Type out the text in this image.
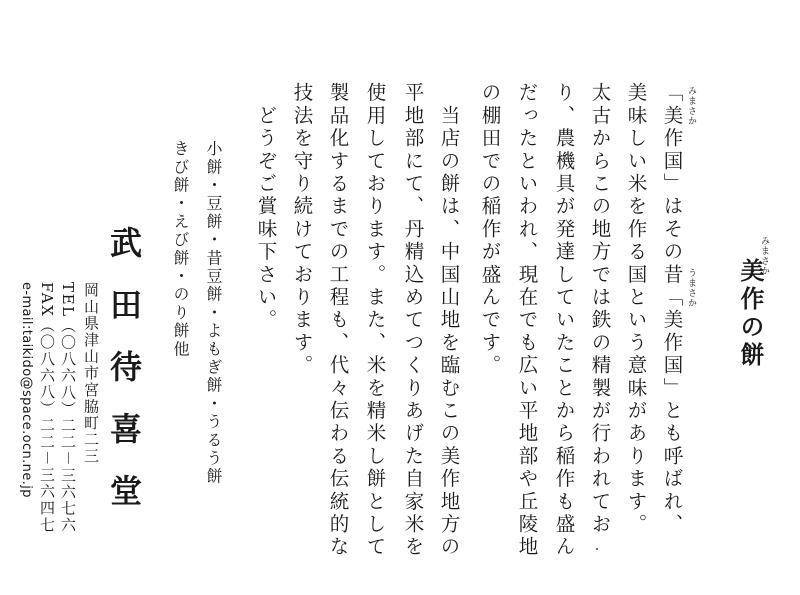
みまさか
美作の餅
みまさか
うまさか
「美作国」はその昔「美作国」とも呼ばれ、
美味しい米を作る国という意味があります。
太古からこの地方では鉄の精製が行われてお
り、農機具が発達していたことから稲作も盛ん
だったといわれ、現在でも広い平地部や丘陵地
の棚田での稲作が盛んです。
　当店の餅は、中国山地を臨むこの美作地方の
平地部にて、丹精込めてつくりあげた自家米を
使用しております。また、米を精米し餅として
製品化するまでの工程も、代々伝わる伝統的な
技法を守り続けております。
　どうぞご賞味下さい。
小餅・豆餅・昔豆餅・よもぎ餅・うるう餅
きび餅・えび餅・のり餅他
武田待喜堂
岡山県津山市宮脇町二三
TEL（〇八六八）二二－三六七六
FAX（〇八六八）二二－三六四七
e-mail:taikido@space.ocn.ne.jp
